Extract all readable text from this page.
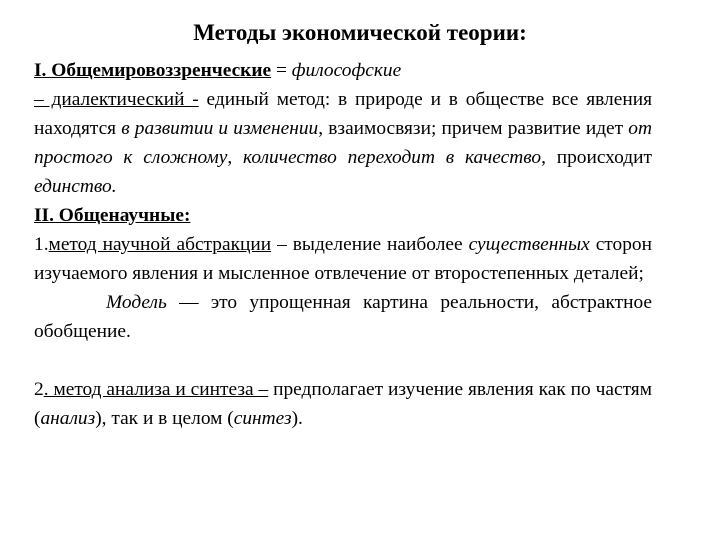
Методы экономической теории:

I. Общемировоззренческие = философские

– диалектический - единый метод: в природе и в обществе все явления находятся в развитии и изменении, взаимосвязи; причем развитие идет от простого к сложному, количество переходит в качество, происходит единство.

II. Общенаучные:

1.метод научной абстракции – выделение наиболее существенных сторон изучаемого явления и мысленное отвлечение от второстепенных деталей;

Модель — это упрощенная картина реальности, абстрактное обобщение.

2. метод анализа и синтеза – предполагает изучение явления как по частям (анализ), так и в целом (синтез).
